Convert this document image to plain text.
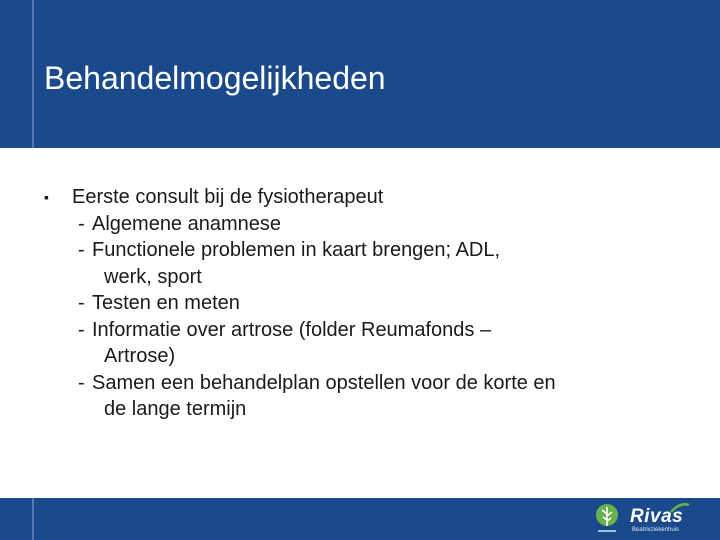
Behandelmogelijkheden
▪	Eerste consult bij de fysiotherapeut
- Algemene anamnese
- Functionele problemen in kaart brengen; ADL,
werk, sport
- Testen en meten
- Informatie over artrose (folder Reumafonds –
Artrose)
- Samen een behandelplan opstellen voor de korte en
de lange termijn
Rivas
Beatrixziekenhuis
